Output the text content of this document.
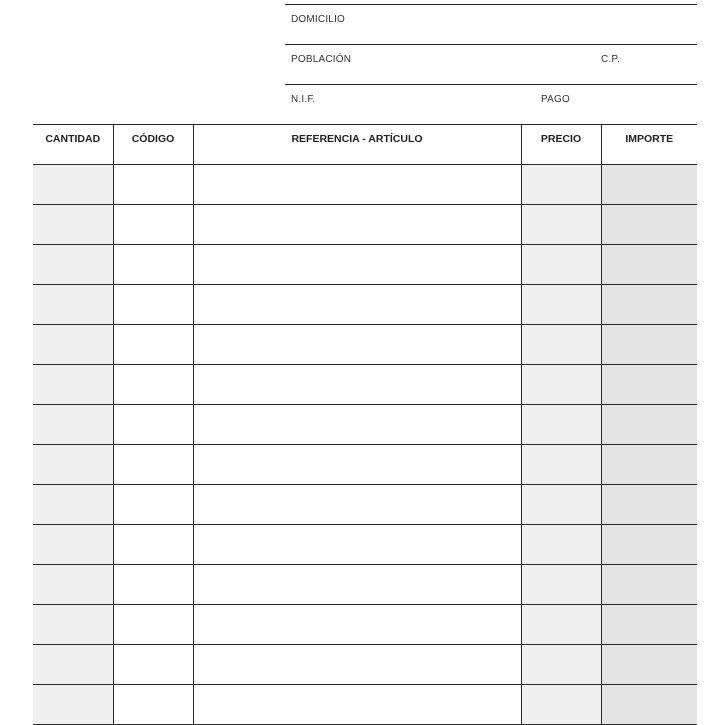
DOMICILIO
POBLACIÓN	C.P.
N.I.F.	PAGO
CANTIDAD	CÓDIGO	REFERENCIA - ARTÍCULO	PRECIO	IMPORTE
